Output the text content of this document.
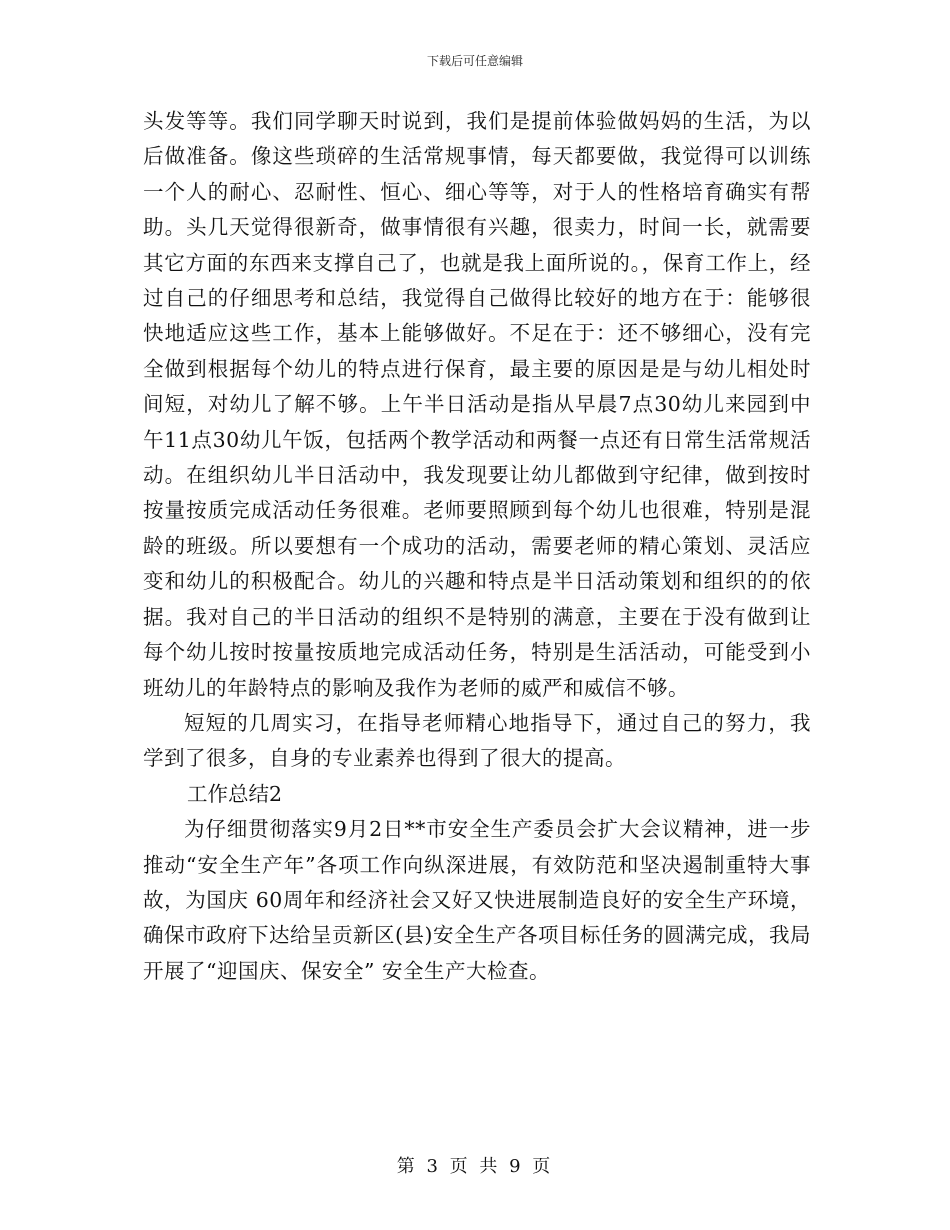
下载后可任意编辑

头发等等。我们同学聊天时说到，我们是提前体验做妈妈的生活，为以后做准备。像这些琐碎的生活常规事情，每天都要做，我觉得可以训练一个人的耐心、忍耐性、恒心、细心等等，对于人的性格培育确实有帮助。头几天觉得很新奇，做事情很有兴趣，很卖力，时间一长，就需要其它方面的东西来支撑自己了，也就是我上面所说的。，保育工作上，经过自己的仔细思考和总结，我觉得自己做得比较好的地方在于：能够很快地适应这些工作，基本上能够做好。不足在于：还不够细心，没有完全做到根据每个幼儿的特点进行保育，最主要的原因是是与幼儿相处时间短，对幼儿了解不够。上午半日活动是指从早晨7点30幼儿来园到中午11点30幼儿午饭，包括两个教学活动和两餐一点还有日常生活常规活动。在组织幼儿半日活动中，我发现要让幼儿都做到守纪律，做到按时按量按质完成活动任务很难。老师要照顾到每个幼儿也很难，特别是混龄的班级。所以要想有一个成功的活动，需要老师的精心策划、灵活应变和幼儿的积极配合。幼儿的兴趣和特点是半日活动策划和组织的的依据。我对自己的半日活动的组织不是特别的满意，主要在于没有做到让每个幼儿按时按量按质地完成活动任务，特别是生活活动，可能受到小班幼儿的年龄特点的影响及我作为老师的威严和威信不够。

短短的几周实习，在指导老师精心地指导下，通过自己的努力，我学到了很多，自身的专业素养也得到了很大的提高。

工作总结2

为仔细贯彻落实9月2日**市安全生产委员会扩大会议精神，进一步推动“安全生产年”各项工作向纵深进展，有效防范和坚决遏制重特大事故，为国庆 60周年和经济社会又好又快进展制造良好的安全生产环境，确保市政府下达给呈贡新区(县)安全生产各项目标任务的圆满完成，我局开展了“迎国庆、保安全” 安全生产大检查。

第 3 页 共 9 页
